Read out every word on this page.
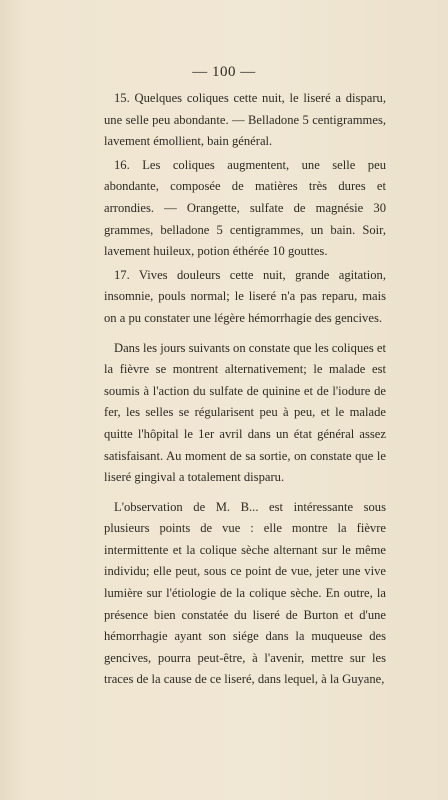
— 100 —

15. Quelques coliques cette nuit, le liseré a disparu, une selle peu abondante. — Belladone 5 centigrammes, lavement émollient, bain général.

16. Les coliques augmentent, une selle peu abondante, composée de matières très dures et arrondies. — Orangette, sulfate de magnésie 30 grammes, belladone 5 centigrammes, un bain. Soir, lavement huileux, potion éthérée 10 gouttes.

17. Vives douleurs cette nuit, grande agitation, insomnie, pouls normal; le liseré n'a pas reparu, mais on a pu constater une légère hémorrhagie des gencives.

Dans les jours suivants on constate que les coliques et la fièvre se montrent alternativement; le malade est soumis à l'action du sulfate de quinine et de l'iodure de fer, les selles se régularisent peu à peu, et le malade quitte l'hôpital le 1er avril dans un état général assez satisfaisant. Au moment de sa sortie, on constate que le liseré gingival a totalement disparu.

L'observation de M. B... est intéressante sous plusieurs points de vue : elle montre la fièvre intermittente et la colique sèche alternant sur le même individu; elle peut, sous ce point de vue, jeter une vive lumière sur l'étiologie de la colique sèche. En outre, la présence bien constatée du liseré de Burton et d'une hémorrhagie ayant son siége dans la muqueuse des gencives, pourra peut-être, à l'avenir, mettre sur les traces de la cause de ce liseré, dans lequel, à la Guyane,
